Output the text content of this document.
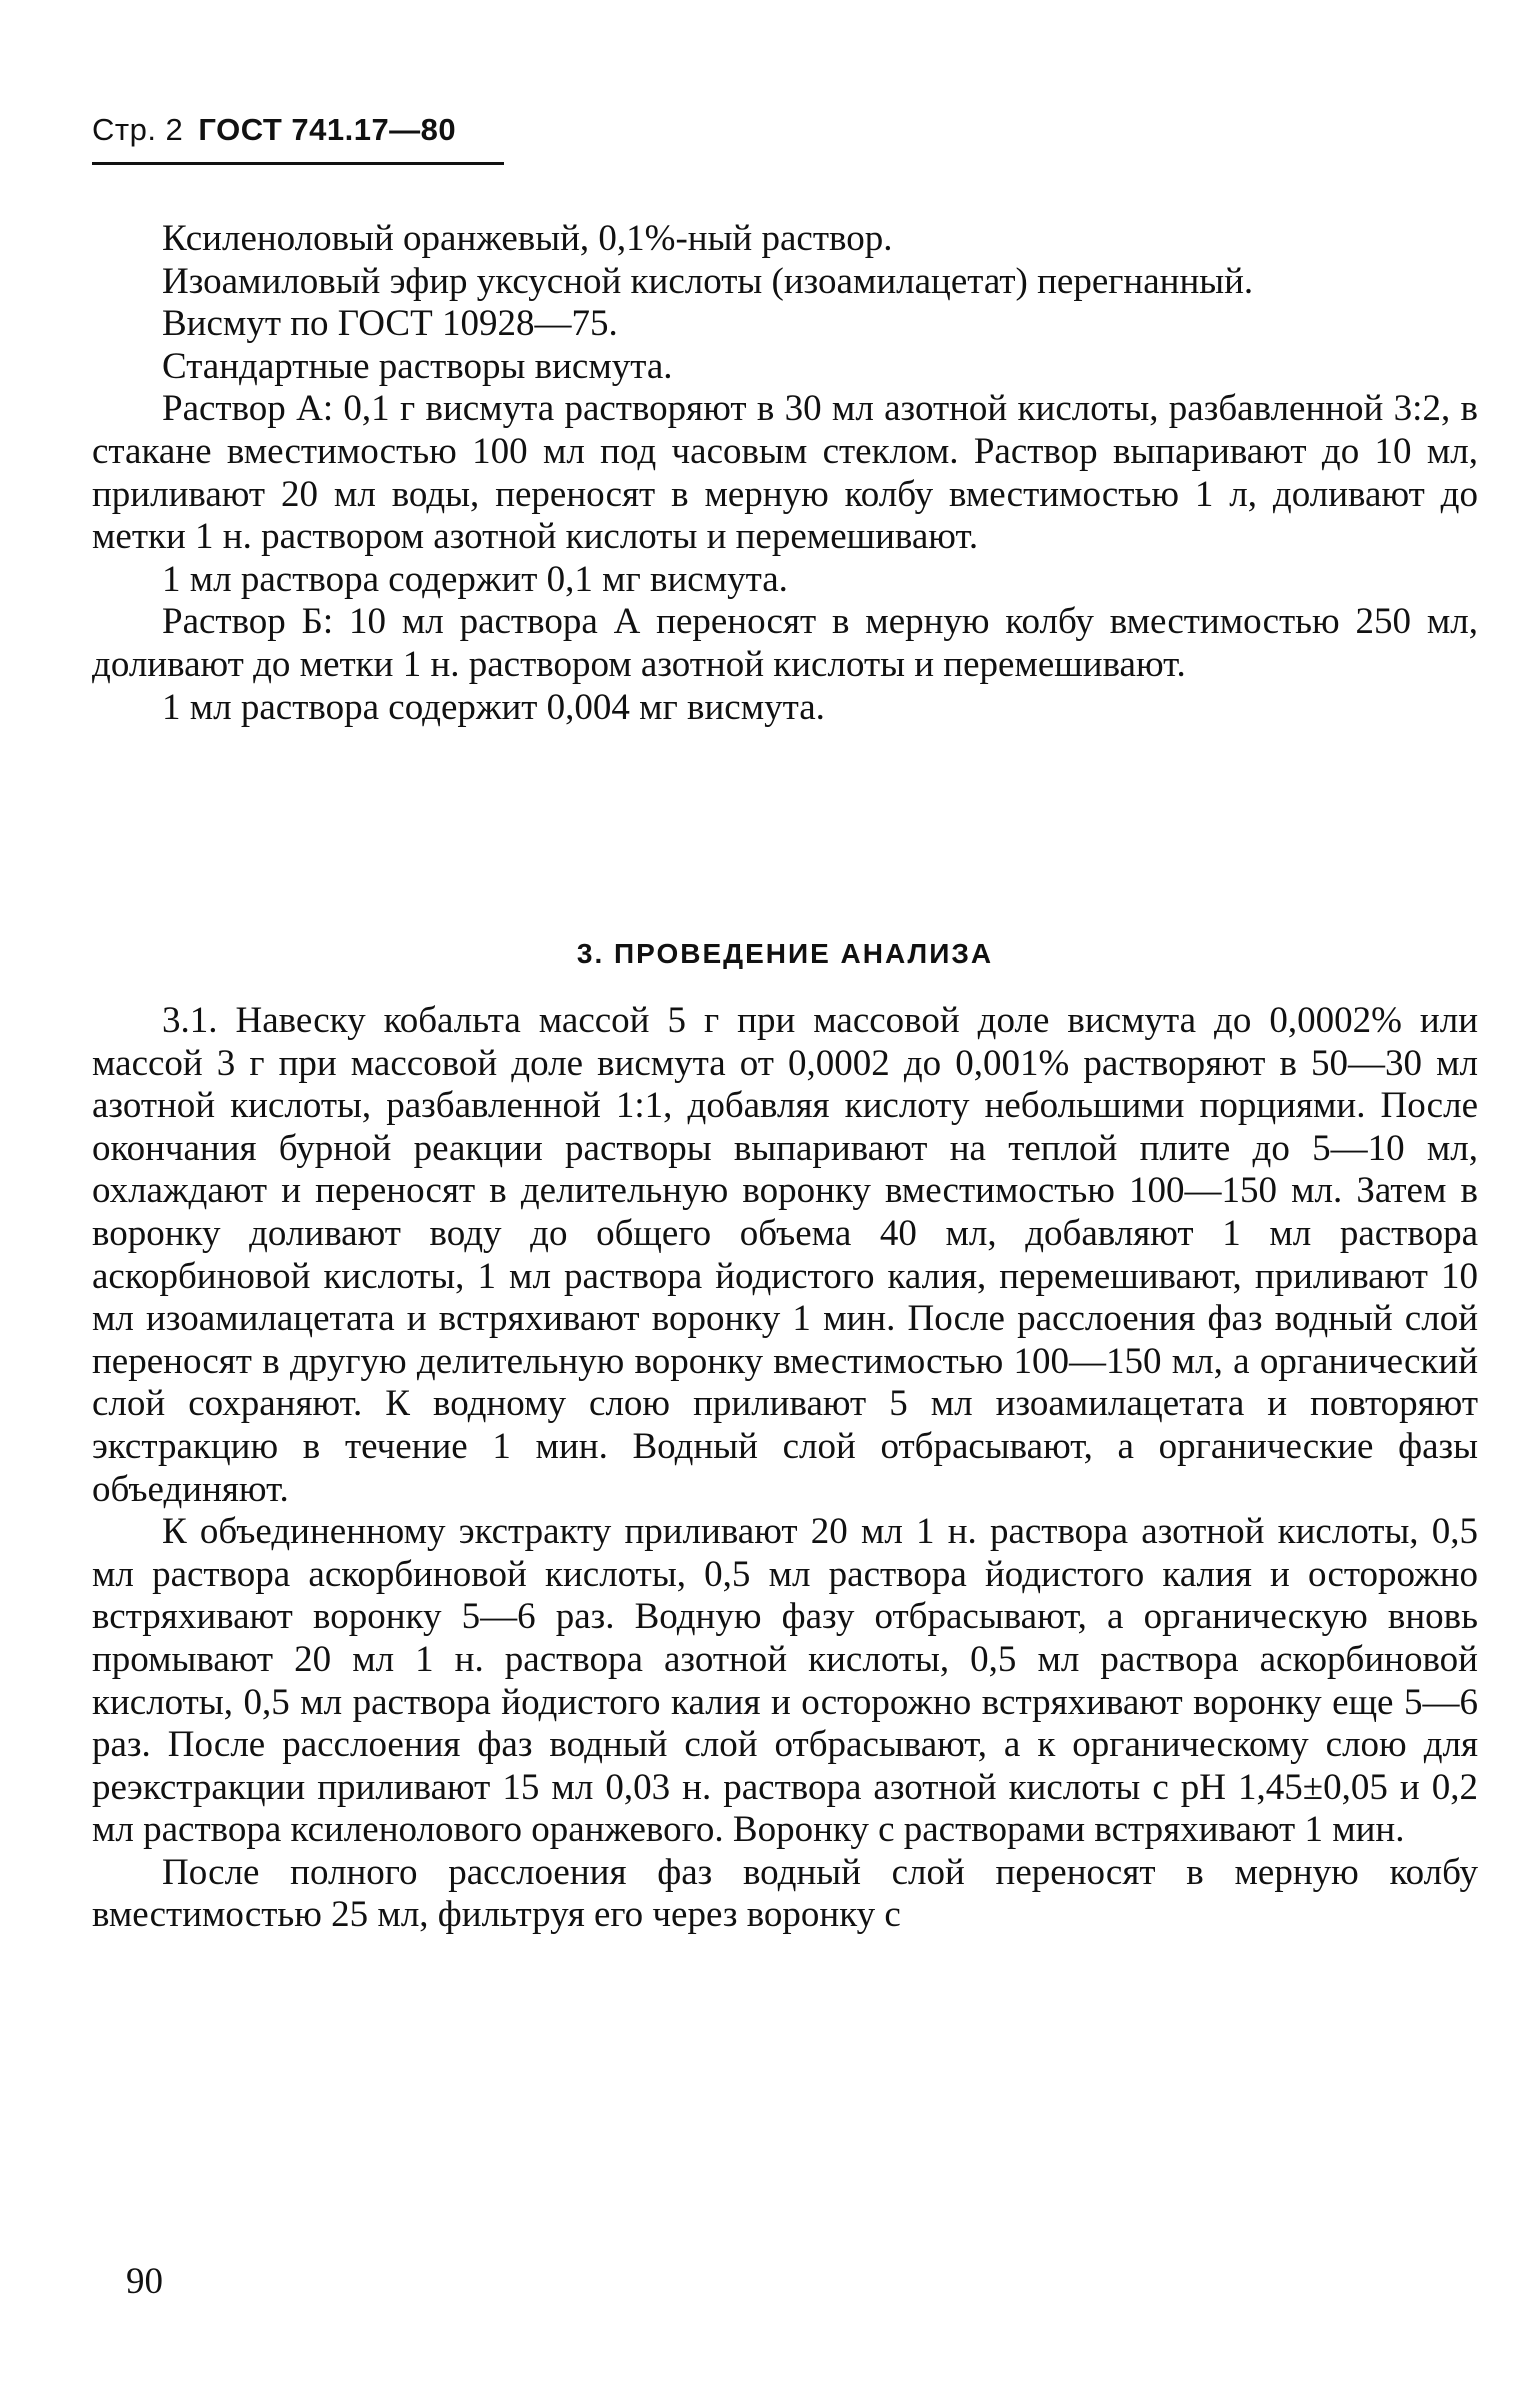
Стр. 2 ГОСТ 741.17—80

Ксиленоловый оранжевый, 0,1%-ный раствор.

Изоамиловый эфир уксусной кислоты (изоамилацетат) перегнанный.

Висмут по ГОСТ 10928—75.

Стандартные растворы висмута.

Раствор А: 0,1 г висмута растворяют в 30 мл азотной кислоты, разбавленной 3:2, в стакане вместимостью 100 мл под часовым стеклом. Раствор выпаривают до 10 мл, приливают 20 мл воды, переносят в мерную колбу вместимостью 1 л, доливают до метки 1 н. раствором азотной кислоты и перемешивают.

1 мл раствора содержит 0,1 мг висмута.

Раствор Б: 10 мл раствора А переносят в мерную колбу вместимостью 250 мл, доливают до метки 1 н. раствором азотной кислоты и перемешивают.

1 мл раствора содержит 0,004 мг висмута.

3. ПРОВЕДЕНИЕ АНАЛИЗА

3.1. Навеску кобальта массой 5 г при массовой доле висмута до 0,0002% или массой 3 г при массовой доле висмута от 0,0002 до 0,001% растворяют в 50—30 мл азотной кислоты, разбавленной 1:1, добавляя кислоту небольшими порциями. После окончания бурной реакции растворы выпаривают на теплой плите до 5—10 мл, охлаждают и переносят в делительную воронку вместимостью 100—150 мл. Затем в воронку доливают воду до общего объема 40 мл, добавляют 1 мл раствора аскорбиновой кислоты, 1 мл раствора йодистого калия, перемешивают, приливают 10 мл изоамилацетата и встряхивают воронку 1 мин. После расслоения фаз водный слой переносят в другую делительную воронку вместимостью 100—150 мл, а органический слой сохраняют. К водному слою приливают 5 мл изоамилацетата и повторяют экстракцию в течение 1 мин. Водный слой отбрасывают, а органические фазы объединяют.

К объединенному экстракту приливают 20 мл 1 н. раствора азотной кислоты, 0,5 мл раствора аскорбиновой кислоты, 0,5 мл раствора йодистого калия и осторожно встряхивают воронку 5—6 раз. Водную фазу отбрасывают, а органическую вновь промывают 20 мл 1 н. раствора азотной кислоты, 0,5 мл раствора аскорбиновой кислоты, 0,5 мл раствора йодистого калия и осторожно встряхивают воронку еще 5—6 раз. После расслоения фаз водный слой отбрасывают, а к органическому слою для реэкстракции приливают 15 мл 0,03 н. раствора азотной кислоты с pH 1,45±0,05 и 0,2 мл раствора ксиленолового оранжевого. Воронку с растворами встряхивают 1 мин.

После полного расслоения фаз водный слой переносят в мерную колбу вместимостью 25 мл, фильтруя его через воронку с

90
